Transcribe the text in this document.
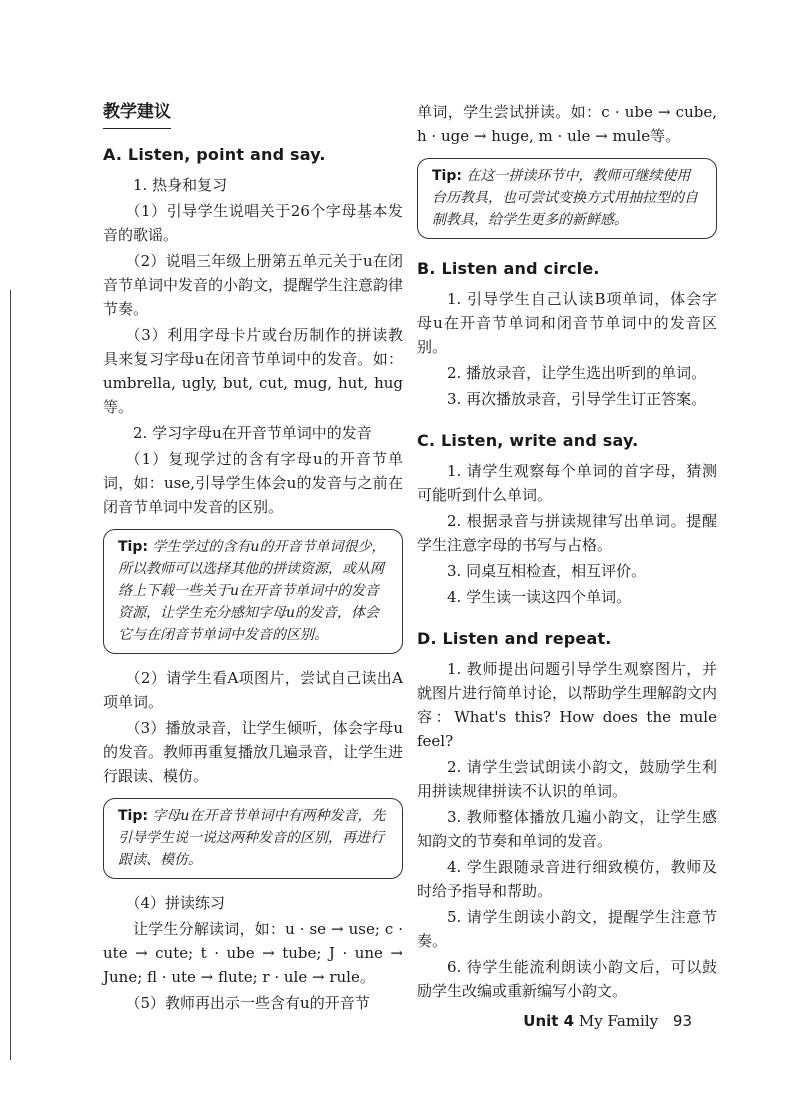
教学建议
A. Listen, point and say.

1. 热身和复习

（1）引导学生说唱关于26个字母基本发音的歌谣。

（2）说唱三年级上册第五单元关于u在闭音节单词中发音的小韵文，提醒学生注意韵律节奏。

（3）利用字母卡片或台历制作的拼读教具来复习字母u在闭音节单词中的发音。如：umbrella, ugly, but, cut, mug, hut, hug等。

2. 学习字母u在开音节单词中的发音

（1）复现学过的含有字母u的开音节单词，如：use,引导学生体会u的发音与之前在闭音节单词中发音的区别。

Tip: 学生学过的含有u的开音节单词很少，所以教师可以选择其他的拼读资源，或从网络上下载一些关于u在开音节单词中的发音资源，让学生充分感知字母u的发音，体会它与在闭音节单词中发音的区别。

（2）请学生看A项图片，尝试自己读出A项单词。

（3）播放录音，让学生倾听，体会字母u的发音。教师再重复播放几遍录音，让学生进行跟读、模仿。

Tip: 字母u在开音节单词中有两种发音，先引导学生说一说这两种发音的区别，再进行跟读、模仿。

（4）拼读练习

让学生分解读词，如：u · se → use; c · ute → cute; t · ube → tube; J · une → June; fl · ute → flute; r · ule → rule。

（5）教师再出示一些含有u的开音节

单词，学生尝试拼读。如：c · ube → cube, h · uge → huge, m · ule → mule等。

Tip: 在这一拼读环节中，教师可继续使用台历教具，也可尝试变换方式用抽拉型的自制教具，给学生更多的新鲜感。
B. Listen and circle.

1. 引导学生自己认读B项单词，体会字母u在开音节单词和闭音节单词中的发音区别。

2. 播放录音，让学生选出听到的单词。

3. 再次播放录音，引导学生订正答案。

C. Listen, write and say.

1. 请学生观察每个单词的首字母，猜测可能听到什么单词。

2. 根据录音与拼读规律写出单词。提醒学生注意字母的书写与占格。

3. 同桌互相检查，相互评价。

4. 学生读一读这四个单词。

D. Listen and repeat.

1. 教师提出问题引导学生观察图片，并就图片进行简单讨论，以帮助学生理解韵文内容：What's this? How does the mule feel?

2. 请学生尝试朗读小韵文，鼓励学生利用拼读规律拼读不认识的单词。

3. 教师整体播放几遍小韵文，让学生感知韵文的节奏和单词的发音。

4. 学生跟随录音进行细致模仿，教师及时给予指导和帮助。

5. 请学生朗读小韵文，提醒学生注意节奏。

6. 待学生能流利朗读小韵文后，可以鼓励学生改编或重新编写小韵文。

Unit 4 My Family 93
